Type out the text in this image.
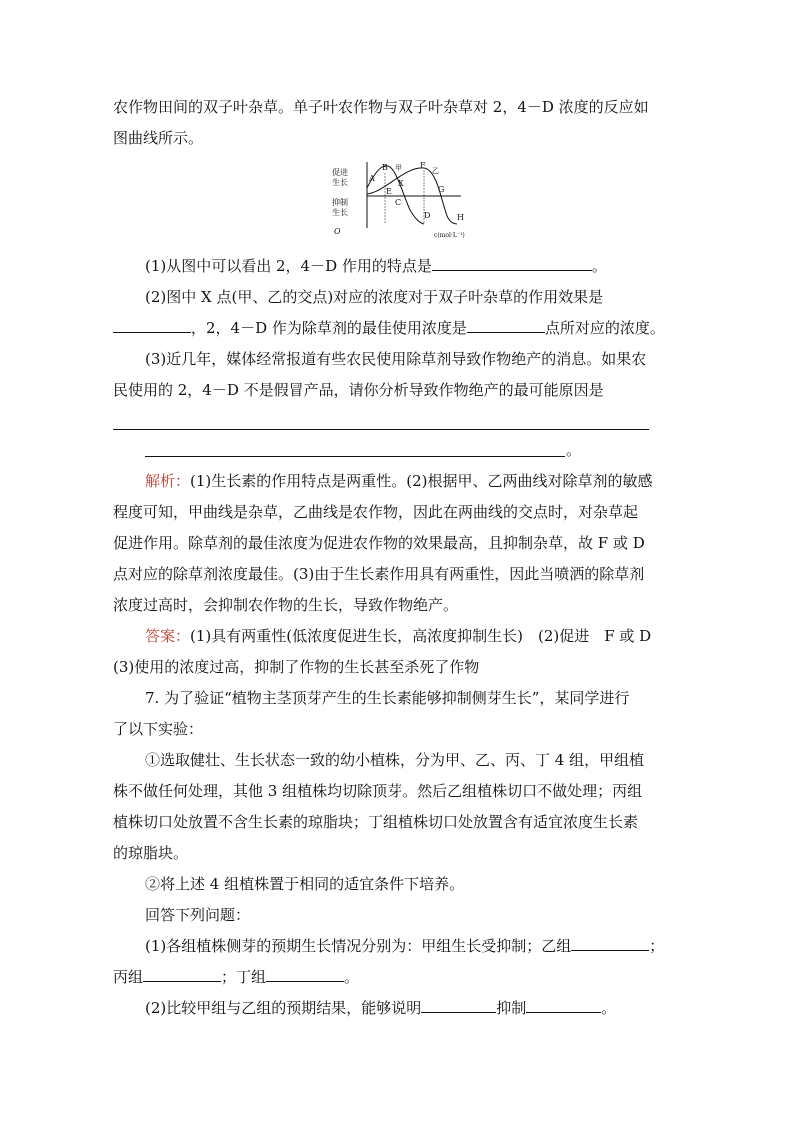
农作物田间的双子叶杂草。单子叶农作物与双子叶杂草对 2，4－D 浓度的反应如
图曲线所示。
促进
生长
抑制
生长
O	c(mol·L⁻¹)
A
B 甲
X
E
C
D
F
乙
G
H
(1)从图中可以看出 2，4－D 作用的特点是	。
(2)图中 X 点(甲、乙的交点)对应的浓度对于双子叶杂草的作用效果是
，2，4－D 作为除草剂的最佳使用浓度是	点所对应的浓度。
(3)近几年，媒体经常报道有些农民使用除草剂导致作物绝产的消息。如果农
民使用的 2，4－D 不是假冒产品，请你分析导致作物绝产的最可能原因是
。
解析：(1)生长素的作用特点是两重性。(2)根据甲、乙两曲线对除草剂的敏感
程度可知，甲曲线是杂草，乙曲线是农作物，因此在两曲线的交点时，对杂草起
促进作用。除草剂的最佳浓度为促进农作物的效果最高，且抑制杂草，故 F 或 D
点对应的除草剂浓度最佳。(3)由于生长素作用具有两重性，因此当喷洒的除草剂
浓度过高时，会抑制农作物的生长，导致作物绝产。
答案：(1)具有两重性(低浓度促进生长，高浓度抑制生长)　(2)促进　F 或 D
(3)使用的浓度过高，抑制了作物的生长甚至杀死了作物
7. 为了验证“植物主茎顶芽产生的生长素能够抑制侧芽生长”，某同学进行
了以下实验：
①选取健壮、生长状态一致的幼小植株，分为甲、乙、丙、丁 4 组，甲组植
株不做任何处理，其他 3 组植株均切除顶芽。然后乙组植株切口不做处理；丙组
植株切口处放置不含生长素的琼脂块；丁组植株切口处放置含有适宜浓度生长素
的琼脂块。
②将上述 4 组植株置于相同的适宜条件下培养。
回答下列问题：
(1)各组植株侧芽的预期生长情况分别为：甲组生长受抑制；乙组	；
丙组	；丁组	。
(2)比较甲组与乙组的预期结果，能够说明	抑制	。
